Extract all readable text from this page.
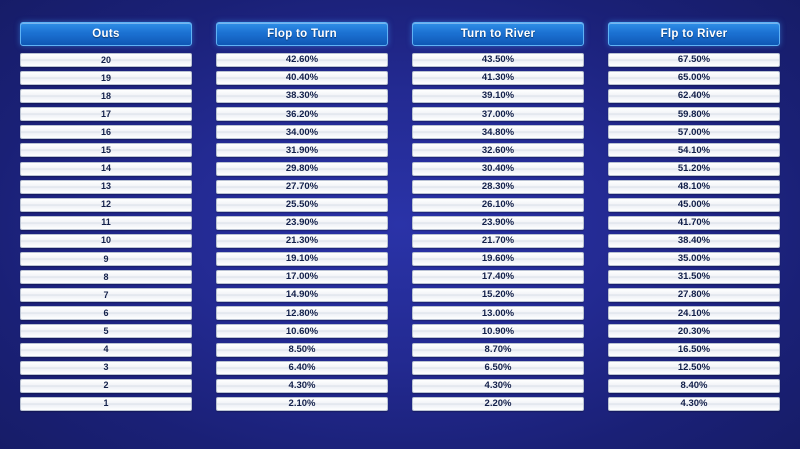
Outs
20
19
18
17
16
15
14
13
12
11
10
9
8
7
6
5
4
3
2
1
Flop to Turn
42.60%
40.40%
38.30%
36.20%
34.00%
31.90%
29.80%
27.70%
25.50%
23.90%
21.30%
19.10%
17.00%
14.90%
12.80%
10.60%
8.50%
6.40%
4.30%
2.10%
Turn to River
43.50%
41.30%
39.10%
37.00%
34.80%
32.60%
30.40%
28.30%
26.10%
23.90%
21.70%
19.60%
17.40%
15.20%
13.00%
10.90%
8.70%
6.50%
4.30%
2.20%
Flp to River
67.50%
65.00%
62.40%
59.80%
57.00%
54.10%
51.20%
48.10%
45.00%
41.70%
38.40%
35.00%
31.50%
27.80%
24.10%
20.30%
16.50%
12.50%
8.40%
4.30%
